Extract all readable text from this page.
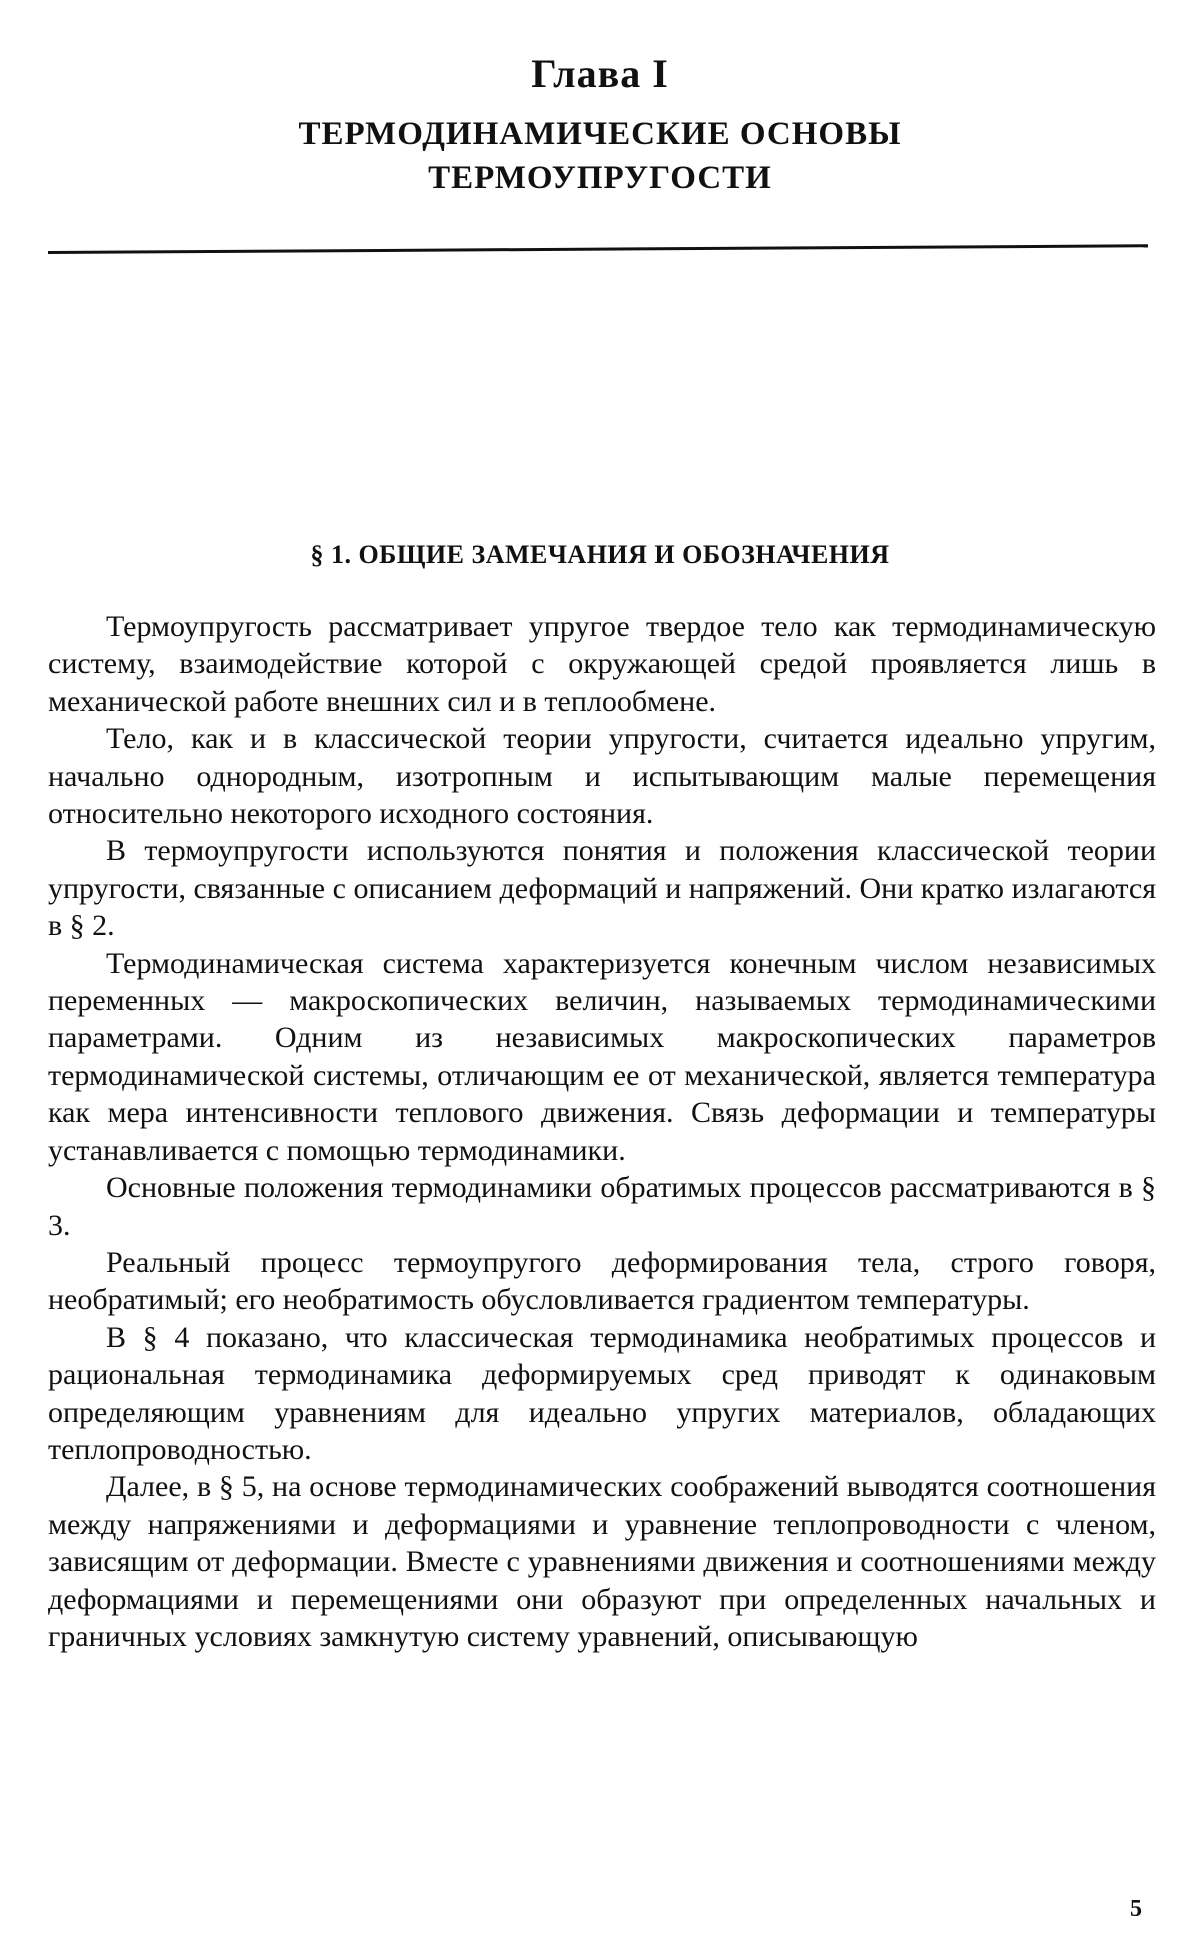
Глава I
ТЕРМОДИНАМИЧЕСКИЕ ОСНОВЫ
ТЕРМОУПРУГОСТИ
§ 1. ОБЩИЕ ЗАМЕЧАНИЯ И ОБОЗНАЧЕНИЯ

Термоупругость рассматривает упругое твердое тело как термодинамическую систему, взаимодействие которой с окружающей средой проявляется лишь в механической работе внешних сил и в теплообмене.

Тело, как и в классической теории упругости, считается идеально упругим, начально однородным, изотропным и испытывающим малые перемещения относительно некоторого исходного состояния.

В термоупругости используются понятия и положения классической теории упругости, связанные с описанием деформаций и напряжений. Они кратко излагаются в § 2.

Термодинамическая система характеризуется конечным числом независимых переменных — макроскопических величин, называемых термодинамическими параметрами. Одним из независимых макроскопических параметров термодинамической системы, отличающим ее от механической, является температура как мера интенсивности теплового движения. Связь деформации и температуры устанавливается с помощью термодинамики.

Основные положения термодинамики обратимых процессов рассматриваются в § 3.

Реальный процесс термоупругого деформирования тела, строго говоря, необратимый; его необратимость обусловливается градиентом температуры.

В § 4 показано, что классическая термодинамика необратимых процессов и рациональная термодинамика деформируемых сред приводят к одинаковым определяющим уравнениям для идеально упругих материалов, обладающих теплопроводностью.

Далее, в § 5, на основе термодинамических соображений выводятся соотношения между напряжениями и деформациями и уравнение теплопроводности с членом, зависящим от деформации. Вместе с уравнениями движения и соотношениями между деформациями и перемещениями они образуют при определенных начальных и граничных условиях замкнутую систему уравнений, описывающую

5
